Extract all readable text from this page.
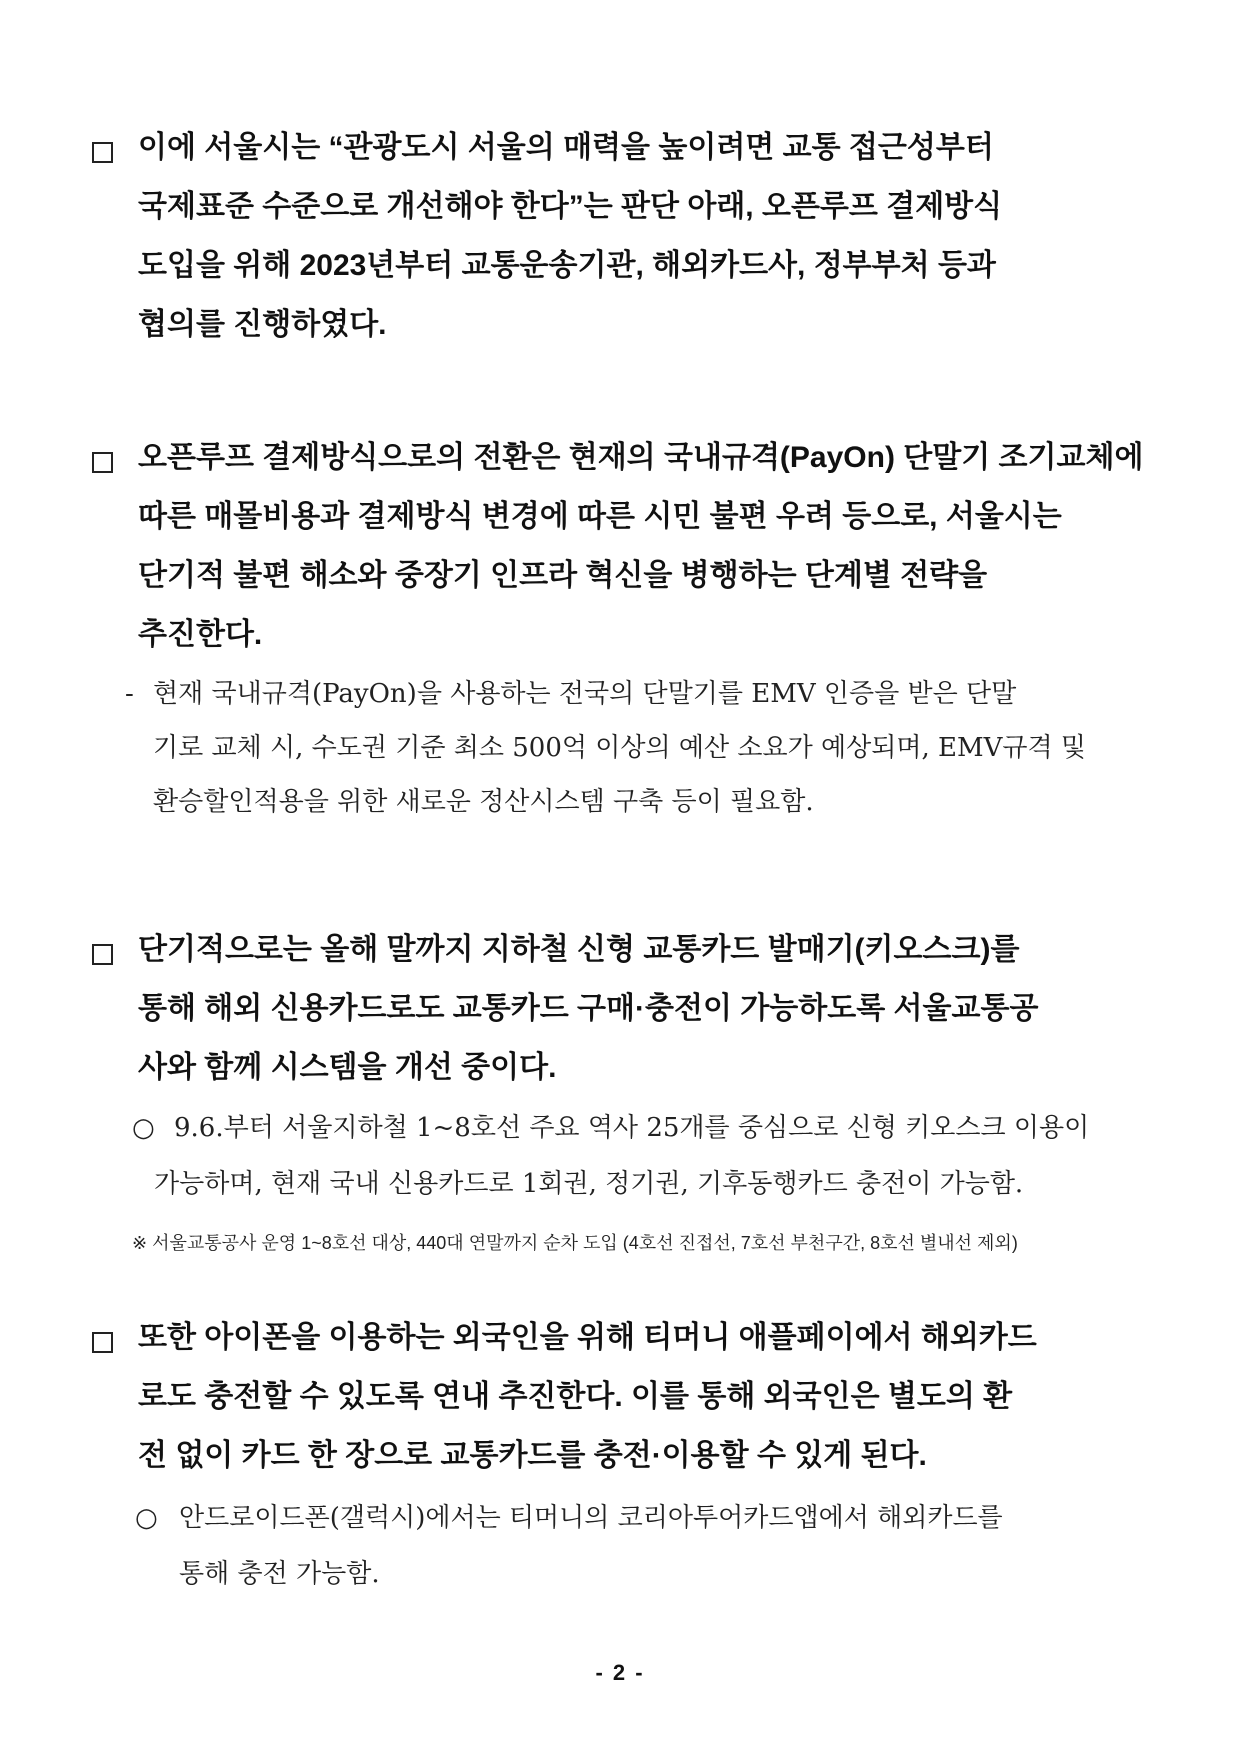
이에 서울시는 “관광도시 서울의 매력을 높이려면 교통 접근성부터
국제표준 수준으로 개선해야 한다”는 판단 아래, 오픈루프 결제방식
도입을 위해 2023년부터 교통운송기관, 해외카드사, 정부부처 등과
협의를 진행하였다.
오픈루프 결제방식으로의 전환은 현재의 국내규격(PayOn) 단말기 조기교체에
따른 매몰비용과 결제방식 변경에 따른 시민 불편 우려 등으로, 서울시는
단기적 불편 해소와 중장기 인프라 혁신을 병행하는 단계별 전략을
추진한다.
- 현재 국내규격(PayOn)을 사용하는 전국의 단말기를 EMV 인증을 받은 단말
기로 교체 시, 수도권 기준 최소 500억 이상의 예산 소요가 예상되며, EMV규격 및
환승할인적용을 위한 새로운 정산시스템 구축 등이 필요함.
단기적으로는 올해 말까지 지하철 신형 교통카드 발매기(키오스크)를
통해 해외 신용카드로도 교통카드 구매·충전이 가능하도록 서울교통공
사와 함께 시스템을 개선 중이다.
○ 9.6.부터 서울지하철 1~8호선 주요 역사 25개를 중심으로 신형 키오스크 이용이
가능하며, 현재 국내 신용카드로 1회권, 정기권, 기후동행카드 충전이 가능함.
※ 서울교통공사 운영 1~8호선 대상, 440대 연말까지 순차 도입 (4호선 진접선, 7호선 부천구간, 8호선 별내선 제외)
또한 아이폰을 이용하는 외국인을 위해 티머니 애플페이에서 해외카드
로도 충전할 수 있도록 연내 추진한다. 이를 통해 외국인은 별도의 환
전 없이 카드 한 장으로 교통카드를 충전·이용할 수 있게 된다.
○ 안드로이드폰(갤럭시)에서는 티머니의 코리아투어카드앱에서 해외카드를
통해 충전 가능함.
- 2 -
